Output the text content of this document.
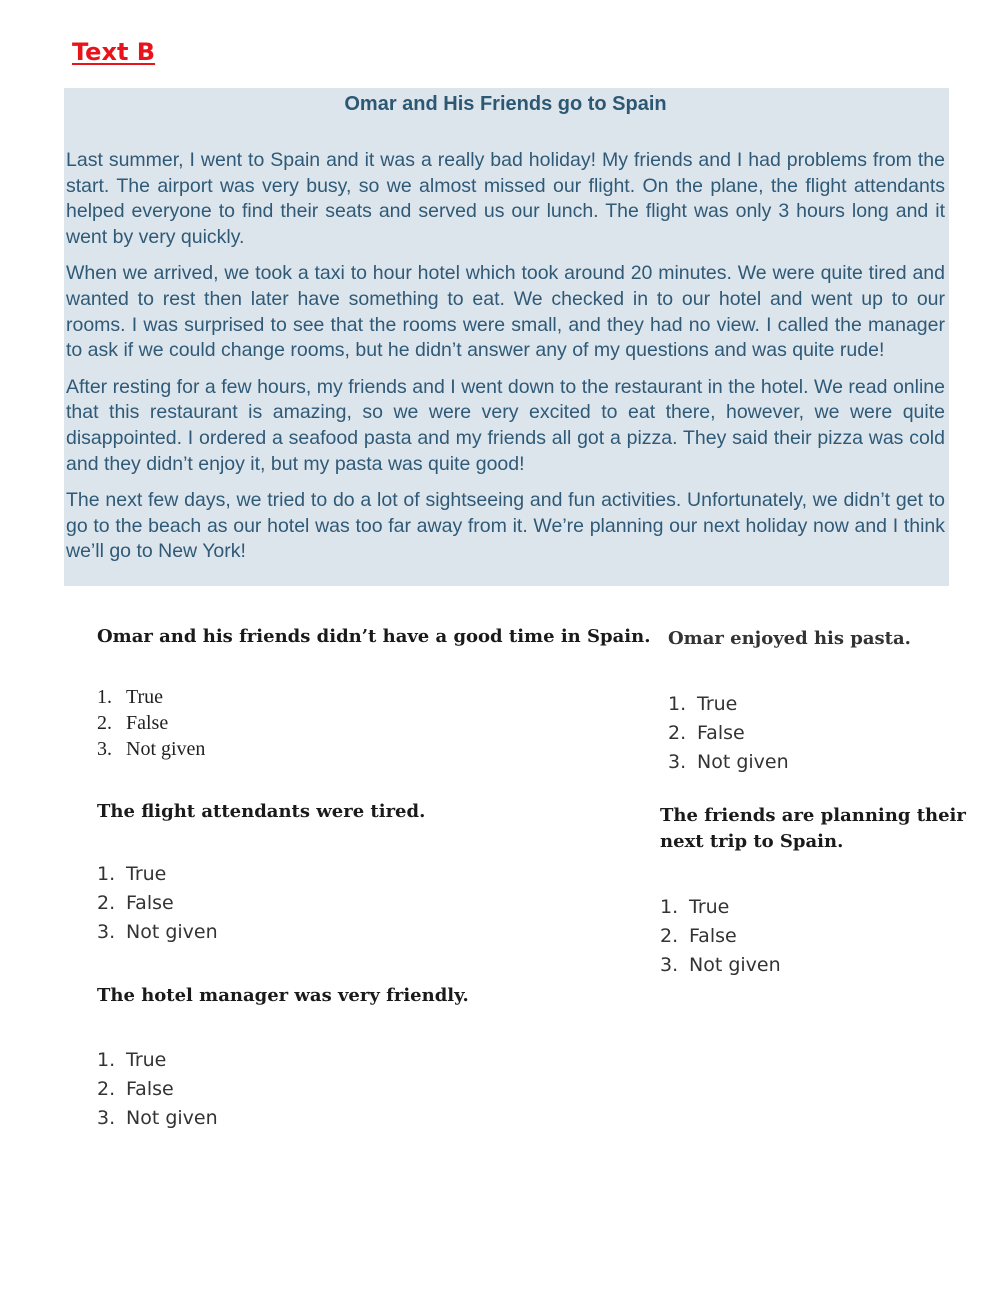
Text B
Omar and His Friends go to Spain

Last summer, I went to Spain and it was a really bad holiday! My friends and I had problems from the start. The airport was very busy, so we almost missed our flight. On the plane, the flight attendants helped everyone to find their seats and served us our lunch. The flight was only 3 hours long and it went by very quickly.

When we arrived, we took a taxi to hour hotel which took around 20 minutes. We were quite tired and wanted to rest then later have something to eat. We checked in to our hotel and went up to our rooms. I was surprised to see that the rooms were small, and they had no view. I called the manager to ask if we could change rooms, but he didn’t answer any of my questions and was quite rude!

After resting for a few hours, my friends and I went down to the restaurant in the hotel. We read online that this restaurant is amazing, so we were very excited to eat there, however, we were quite disappointed. I ordered a seafood pasta and my friends all got a pizza. They said their pizza was cold and they didn’t enjoy it, but my pasta was quite good!

The next few days, we tried to do a lot of sightseeing and fun activities. Unfortunately, we didn’t get to go to the beach as our hotel was too far away from it. We’re planning our next holiday now and I think we’ll go to New York!

Omar and his friends didn’t have a good time in Spain.
1. True
2. False
3. Not given
The flight attendants were tired.
1. True
2. False
3. Not given
The hotel manager was very friendly.
1. True
2. False
3. Not given
Omar enjoyed his pasta.
1. True
2. False
3. Not given
The friends are planning their next trip to Spain.
1. True
2. False
3. Not given
